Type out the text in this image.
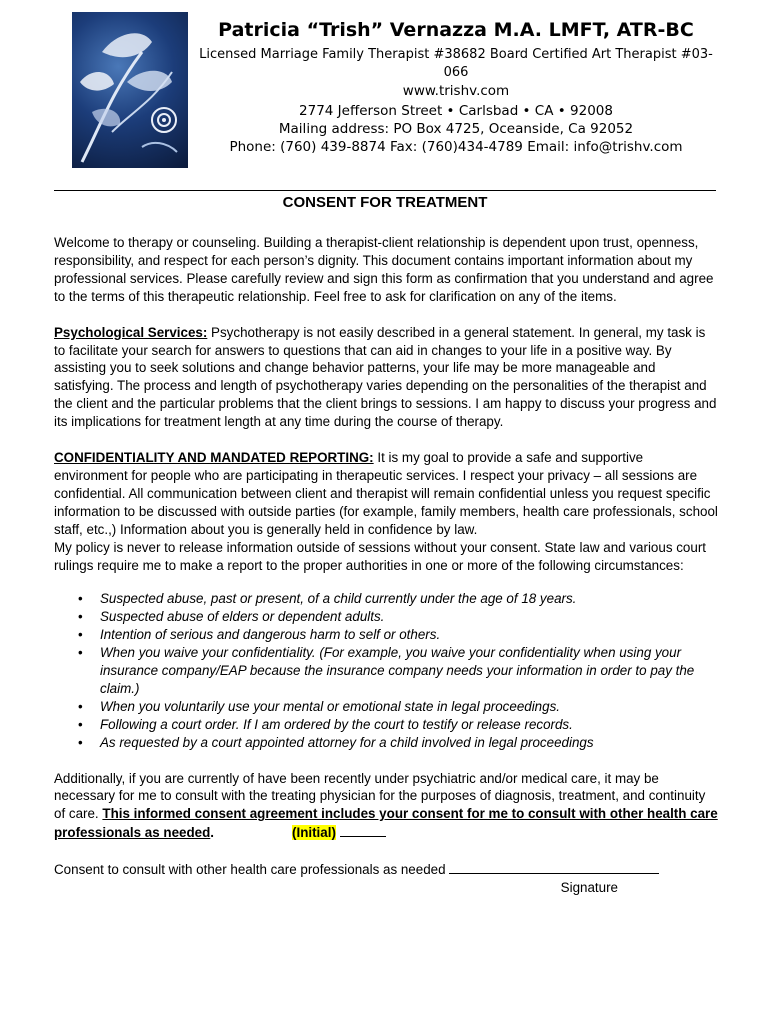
Patricia “Trish” Vernazza M.A. LMFT, ATR-BC

Licensed Marriage Family Therapist #38682 Board Certified Art Therapist #03-066

www.trishv.com

2774 Jefferson Street • Carlsbad • CA • 92008

Mailing address: PO Box 4725, Oceanside, Ca 92052

Phone: (760) 439-8874 Fax: (760)434-4789 Email: info@trishv.com

CONSENT FOR TREATMENT

Welcome to therapy or counseling. Building a therapist-client relationship is dependent upon trust, openness, responsibility, and respect for each person’s dignity. This document contains important information about my professional services. Please carefully review and sign this form as confirmation that you understand and agree to the terms of this therapeutic relationship. Feel free to ask for clarification on any of the items.

Psychological Services: Psychotherapy is not easily described in a general statement. In general, my task is to facilitate your search for answers to questions that can aid in changes to your life in a positive way. By assisting you to seek solutions and change behavior patterns, your life may be more manageable and satisfying. The process and length of psychotherapy varies depending on the personalities of the therapist and the client and the particular problems that the client brings to sessions. I am happy to discuss your progress and its implications for treatment length at any time during the course of therapy.

CONFIDENTIALITY AND MANDATED REPORTING: It is my goal to provide a safe and supportive environment for people who are participating in therapeutic services. I respect your privacy – all sessions are confidential. All communication between client and therapist will remain confidential unless you request specific information to be discussed with outside parties (for example, family members, health care professionals, school staff, etc.,) Information about you is generally held in confidence by law.

My policy is never to release information outside of sessions without your consent. State law and various court rulings require me to make a report to the proper authorities in one or more of the following circumstances:

• Suspected abuse, past or present, of a child currently under the age of 18 years.
• Suspected abuse of elders or dependent adults.
• Intention of serious and dangerous harm to self or others.
• When you waive your confidentiality. (For example, you waive your confidentiality when using your insurance company/EAP because the insurance company needs your information in order to pay the claim.)
• When you voluntarily use your mental or emotional state in legal proceedings.
• Following a court order. If I am ordered by the court to testify or release records.
• As requested by a court appointed attorney for a child involved in legal proceedings

Additionally, if you are currently of have been recently under psychiatric and/or medical care, it may be necessary for me to consult with the treating physician for the purposes of diagnosis, treatment, and continuity of care. This informed consent agreement includes your consent for me to consult with other health care professionals as needed.	(Initial)

Consent to consult with other health care professionals as needed

Signature
